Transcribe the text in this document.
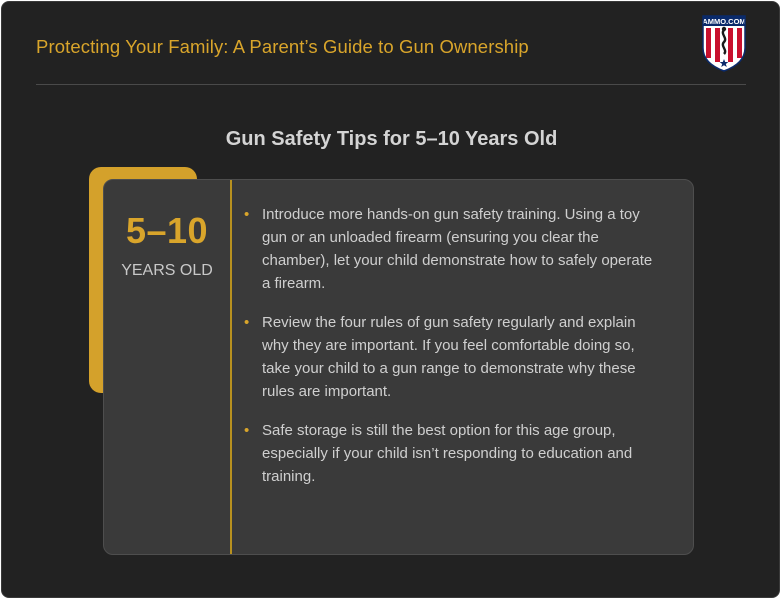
Protecting Your Family: A Parent’s Guide to Gun Ownership
AMMO.COM
Gun Safety Tips for 5–10 Years Old
5–10
YEARS OLD
• Introduce more hands-on gun safety training. Using a toy gun or an unloaded firearm (ensuring you clear the chamber), let your child demonstrate how to safely operate a firearm.
• Review the four rules of gun safety regularly and explain why they are important. If you feel comfortable doing so, take your child to a gun range to demonstrate why these rules are important.
• Safe storage is still the best option for this age group, especially if your child isn’t responding to education and training.
